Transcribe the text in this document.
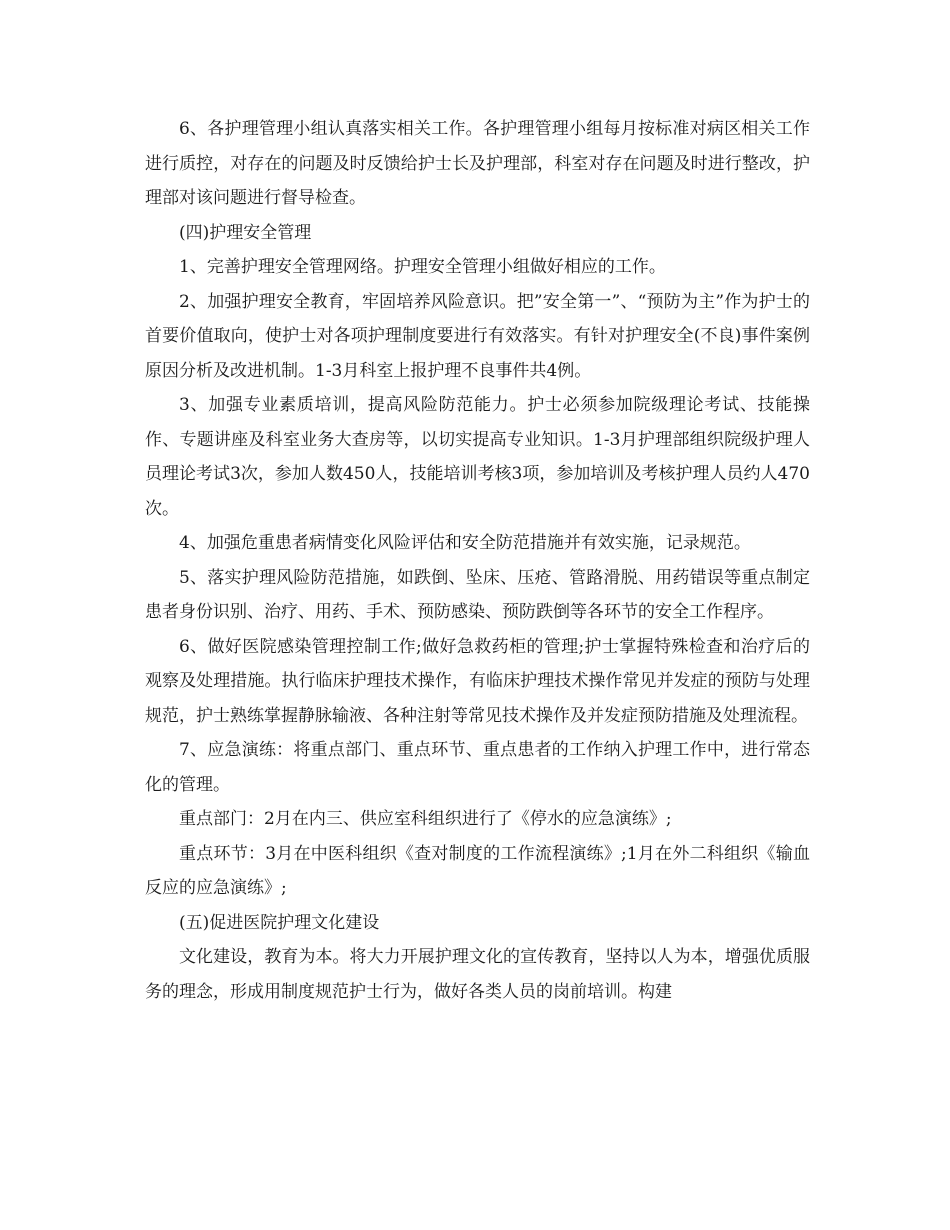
6、各护理管理小组认真落实相关工作。各护理管理小组每月按标准对病区相关工作进行质控，对存在的问题及时反馈给护士长及护理部，科室对存在问题及时进行整改，护理部对该问题进行督导检查。

(四)护理安全管理

1、完善护理安全管理网络。护理安全管理小组做好相应的工作。

2、加强护理安全教育，牢固培养风险意识。把”安全第一”、“预防为主”作为护士的首要价值取向，使护士对各项护理制度要进行有效落实。有针对护理安全(不良)事件案例原因分析及改进机制。1-3月科室上报护理不良事件共4例。

3、加强专业素质培训，提高风险防范能力。护士必须参加院级理论考试、技能操作、专题讲座及科室业务大查房等，以切实提高专业知识。1-3月护理部组织院级护理人员理论考试3次，参加人数450人，技能培训考核3项，参加培训及考核护理人员约人470次。

4、加强危重患者病情变化风险评估和安全防范措施并有效实施，记录规范。

5、落实护理风险防范措施，如跌倒、坠床、压疮、管路滑脱、用药错误等重点制定患者身份识别、治疗、用药、手术、预防感染、预防跌倒等各环节的安全工作程序。

6、做好医院感染管理控制工作;做好急救药柜的管理;护士掌握特殊检查和治疗后的观察及处理措施。执行临床护理技术操作，有临床护理技术操作常见并发症的预防与处理规范，护士熟练掌握静脉输液、各种注射等常见技术操作及并发症预防措施及处理流程。

7、应急演练：将重点部门、重点环节、重点患者的工作纳入护理工作中，进行常态化的管理。

重点部门：2月在内三、供应室科组织进行了《停水的应急演练》;

重点环节：3月在中医科组织《查对制度的工作流程演练》;1月在外二科组织《输血反应的应急演练》;

(五)促进医院护理文化建设

文化建设，教育为本。将大力开展护理文化的宣传教育，坚持以人为本，增强优质服务的理念，形成用制度规范护士行为，做好各类人员的岗前培训。构建
